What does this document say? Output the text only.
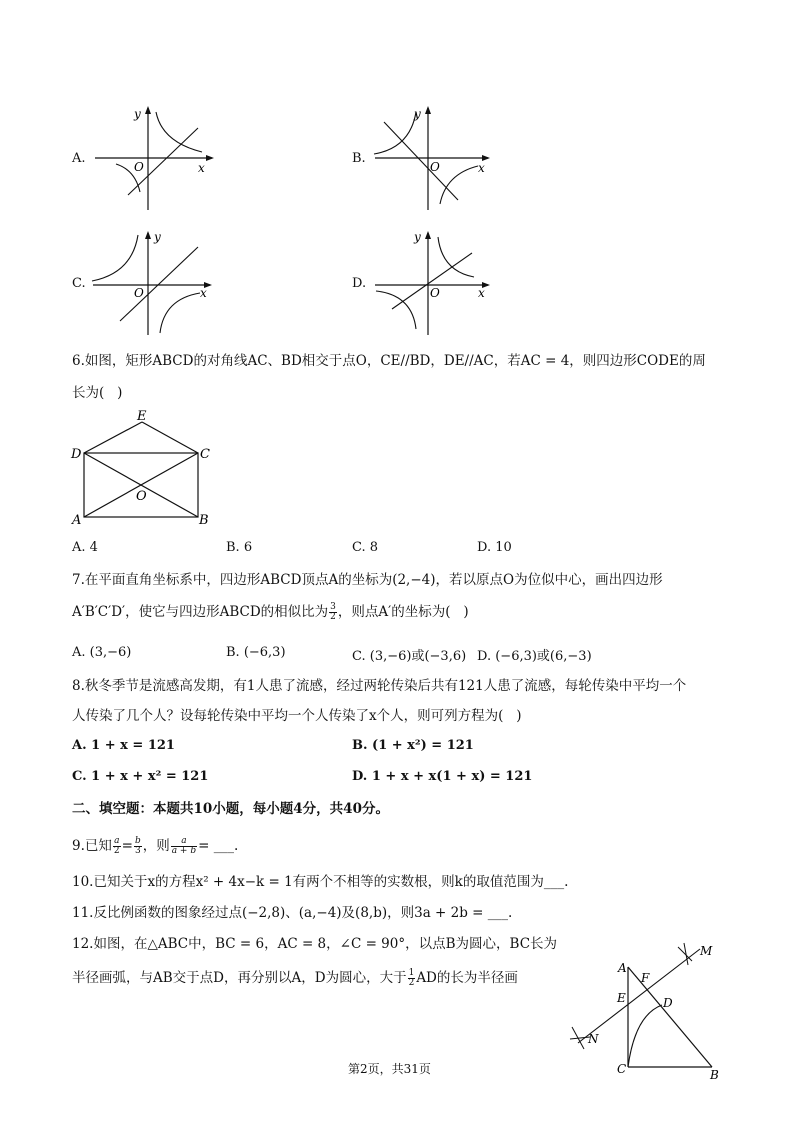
A.
y
x
O
B.
y
x
O
C.
y
x
O
D.
y
x
O
6.如图，矩形ABCD的对角线AC、BD相交于点O，CE//BD，DE//AC，若AC = 4，则四边形CODE的周
长为(   )
E
D	C
O
A	B
A. 4	B. 6	C. 8	D. 10
7.在平面直角坐标系中，四边形ABCD顶点A的坐标为(2,−4)，若以原点O为位似中心，画出四边形
A′B′C′D′，使它与四边形ABCD的相似比为 $\frac{3}{2}$ ，则点A′的坐标为(   )
A. (3,−6)	B. (−6,3)	C. (3,−6)或(−3,6) D. (−6,3)或(6,−3)
8.秋冬季节是流感高发期，有1人患了流感，经过两轮传染后共有121人患了流感，每轮传染中平均一个
人传染了几个人？设每轮传染中平均一个人传染了x个人，则可列方程为(   )
A. 1 + x = 121	B. (1 + x²) = 121
C. 1 + x + x² = 121	D. 1 + x + x(1 + x) = 121
二、填空题：本题共10小题，每小题4分，共40分。
9.已知 $\frac{a}{2} = \frac{b}{3}$ ，则 $\frac{a}{a + b}$ = ___.
10.已知关于x的方程x² + 4x−k = 1有两个不相等的实数根，则k的取值范围为___.
11.反比例函数的图象经过点(−2,8)、(a,−4)及(8,b)，则3a + 2b = ___.
12.如图，在△ABC中，BC = 6，AC = 8，∠C = 90°，以点B为圆心，BC长为
半径画弧，与AB交于点D，再分别以A，D为圆心，大于 $\frac{1}{2}$ AD的长为半径画
A
F
M
D
E
N
C	B
第2页，共31页
